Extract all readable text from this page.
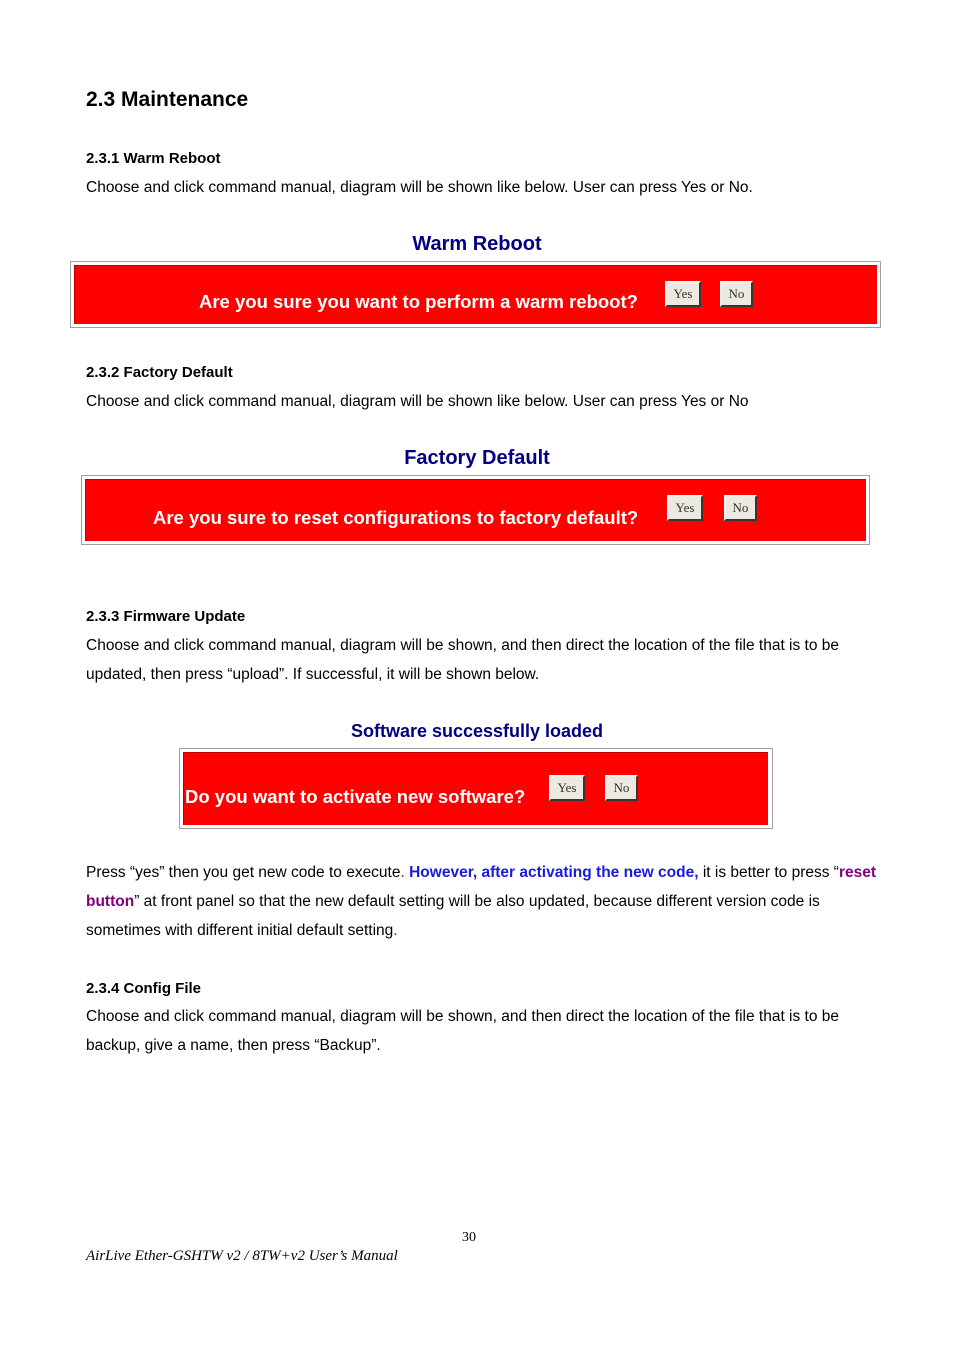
2.3 Maintenance

2.3.1 Warm Reboot

Choose and click command manual, diagram will be shown like below. User can press Yes or No.

Warm Reboot

Are you sure you want to perform a warm reboot?	Yes	No

2.3.2 Factory Default

Choose and click command manual, diagram will be shown like below. User can press Yes or No

Factory Default

Are you sure to reset configurations to factory default?	Yes	No

2.3.3 Firmware Update

Choose and click command manual, diagram will be shown, and then direct the location of the file that is to be updated, then press “upload”. If successful, it will be shown below.

Software successfully loaded

Do you want to activate new software?	Yes	No

Press “yes” then you get new code to execute. However, after activating the new code, it is better to press “reset button” at front panel so that the new default setting will be also updated, because different version code is sometimes with different initial default setting.

2.3.4 Config File

Choose and click command manual, diagram will be shown, and then direct the location of the file that is to be backup, give a name, then press “Backup”.

30
AirLive Ether-GSHTW v2 / 8TW+v2 User’s Manual
